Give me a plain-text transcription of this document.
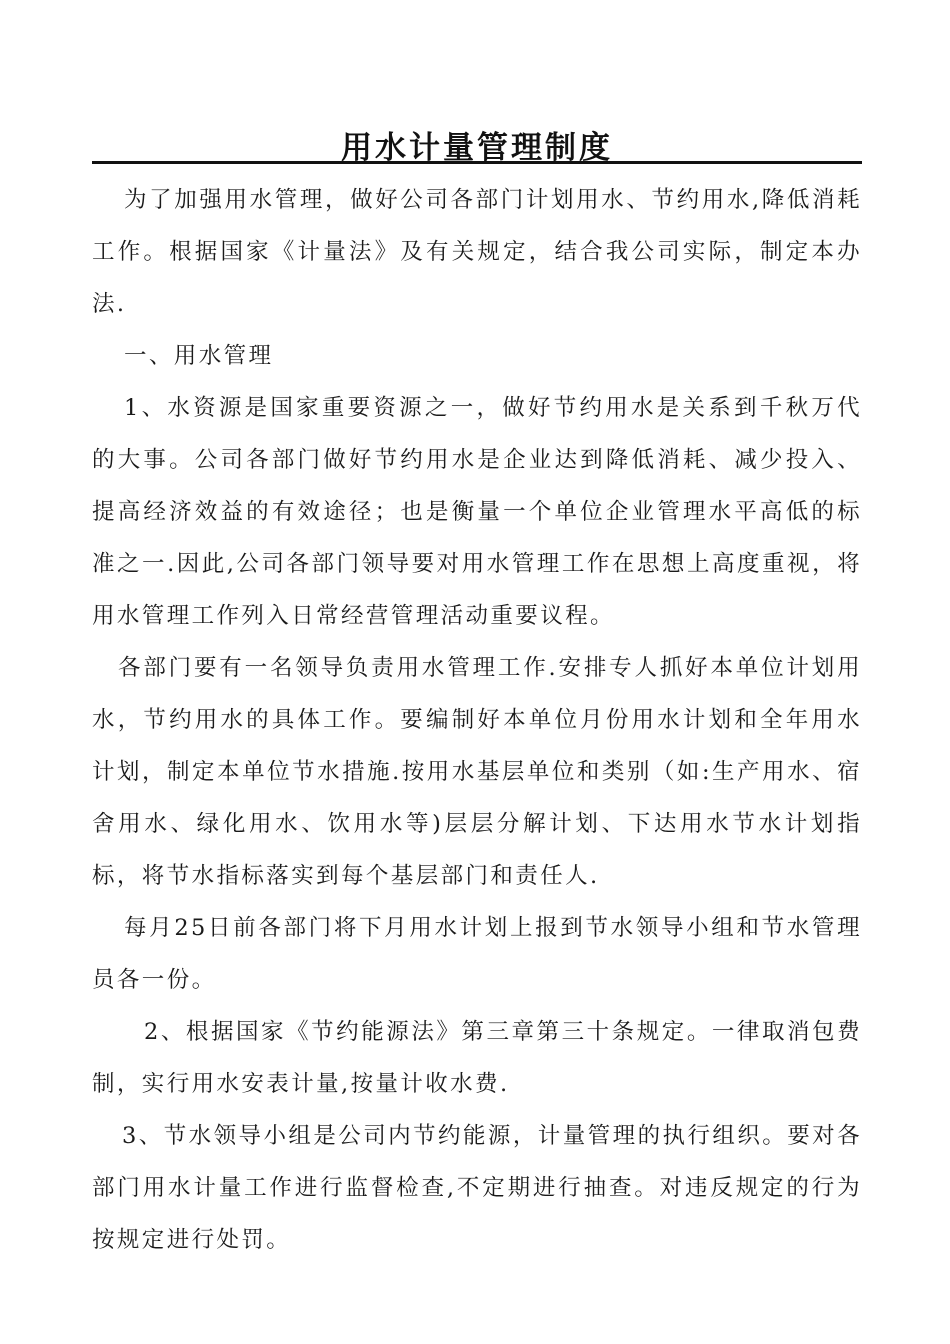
用水计量管理制度

为了加强用水管理，做好公司各部门计划用水、节约用水,降低消耗工作。根据国家《计量法》及有关规定，结合我公司实际，制定本办法.

一、用水管理

1、水资源是国家重要资源之一，做好节约用水是关系到千秋万代的大事。公司各部门做好节约用水是企业达到降低消耗、减少投入、提高经济效益的有效途径；也是衡量一个单位企业管理水平高低的标准之一.因此,公司各部门领导要对用水管理工作在思想上高度重视，将用水管理工作列入日常经营管理活动重要议程。

各部门要有一名领导负责用水管理工作.安排专人抓好本单位计划用水，节约用水的具体工作。要编制好本单位月份用水计划和全年用水计划，制定本单位节水措施.按用水基层单位和类别（如:生产用水、宿舍用水、绿化用水、饮用水等)层层分解计划、下达用水节水计划指标，将节水指标落实到每个基层部门和责任人.

每月25日前各部门将下月用水计划上报到节水领导小组和节水管理员各一份。

2、根据国家《节约能源法》第三章第三十条规定。一律取消包费制，实行用水安表计量,按量计收水费.

3、节水领导小组是公司内节约能源，计量管理的执行组织。要对各部门用水计量工作进行监督检查,不定期进行抽查。对违反规定的行为按规定进行处罚。
